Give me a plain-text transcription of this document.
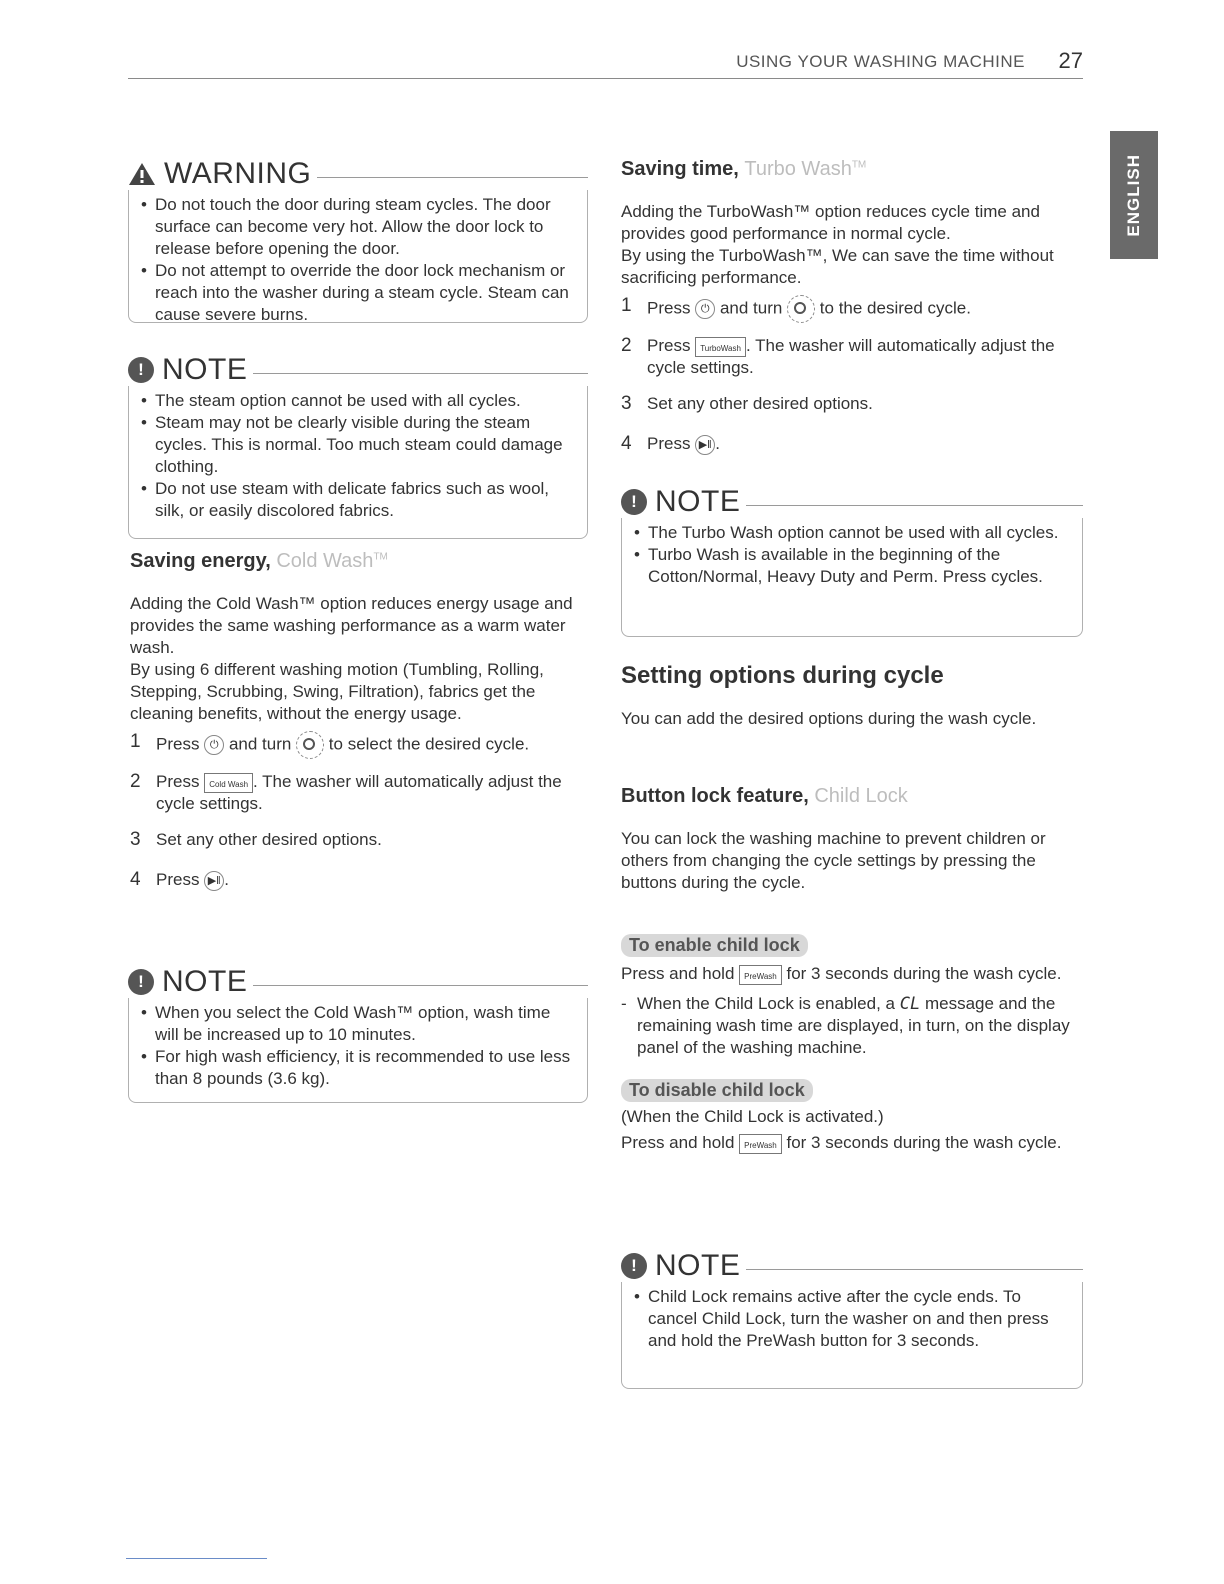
USING YOUR WASHING MACHINE 27
ENGLISH
WARNING
• Do not touch the door during steam cycles. The door surface can become very hot. Allow the door lock to release before opening the door.
• Do not attempt to override the door lock mechanism or reach into the washer during a steam cycle. Steam can cause severe burns.
! NOTE
• The steam option cannot be used with all cycles.
• Steam may not be clearly visible during the steam cycles. This is normal. Too much steam could damage clothing.
• Do not use steam with delicate fabrics such as wool, silk, or easily discolored fabrics.
Saving energy, Cold Wash™
Adding the Cold Wash™ option reduces energy usage and provides the same washing performance as a warm water wash.
By using 6 different washing motion (Tumbling, Rolling, Stepping, Scrubbing, Swing, Filtration), fabrics get the cleaning benefits, without the energy usage.
1 Press ⏻ and turn to select the desired cycle.
2 Press Cold Wash . The washer will automatically adjust the cycle settings.
3 Set any other desired options.
4 Press ▶‖ .
! NOTE
• When you select the Cold Wash™ option, wash time will be increased up to 10 minutes.
• For high wash efficiency, it is recommended to use less than 8 pounds (3.6 kg).
Saving time, Turbo Wash™
Adding the TurboWash™ option reduces cycle time and provides good performance in normal cycle.
By using the TurboWash™, We can save the time without sacrificing performance.
1 Press ⏻ and turn to the desired cycle.
2 Press TurboWash . The washer will automatically adjust the cycle settings.
3 Set any other desired options.
4 Press ▶‖ .
! NOTE
• The Turbo Wash option cannot be used with all cycles.
• Turbo Wash is available in the beginning of the Cotton/Normal, Heavy Duty and Perm. Press cycles.
Setting options during cycle
You can add the desired options during the wash cycle.
Button lock feature, Child Lock
You can lock the washing machine to prevent children or others from changing the cycle settings by pressing the buttons during the cycle.
To enable child lock
Press and hold PreWash for 3 seconds during the wash cycle.
- When the Child Lock is enabled, a CL message and the remaining wash time are displayed, in turn, on the display panel of the washing machine.
To disable child lock
(When the Child Lock is activated.)
Press and hold PreWash for 3 seconds during the wash cycle.
! NOTE
• Child Lock remains active after the cycle ends. To cancel Child Lock, turn the washer on and then press and hold the PreWash button for 3 seconds.
